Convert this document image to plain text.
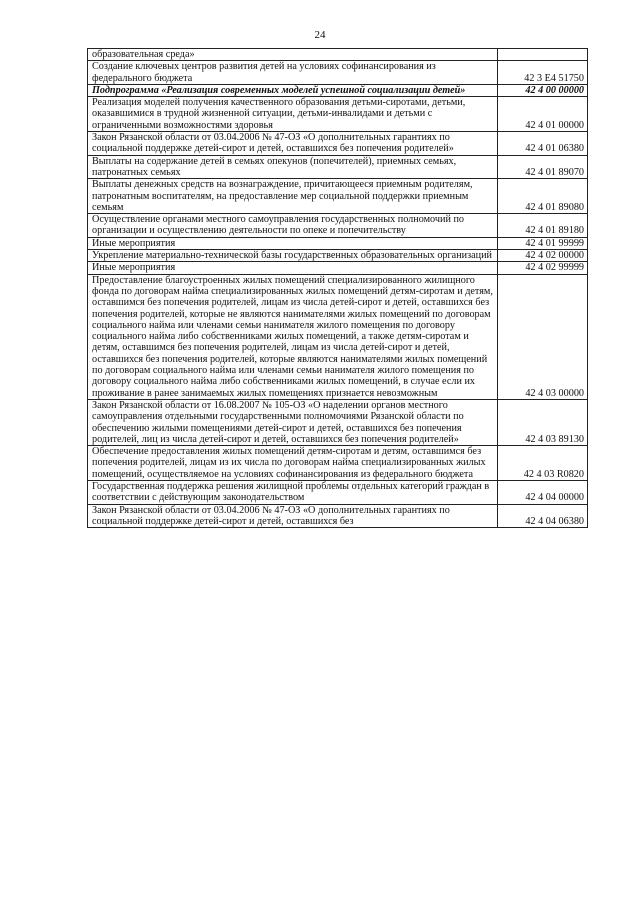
24
образовательная среда»	
Создание ключевых центров развития детей на условиях софинансирования из федерального бюджета	42 3 Е4 51750
Подпрограмма «Реализация современных моделей успешной социализации детей»	42 4 00 00000
Реализация моделей получения качественного образования детьми-сиротами, детьми, оказавшимися в трудной жизненной ситуации, детьми-инвалидами и детьми с ограниченными возможностями здоровья	42 4 01 00000
Закон Рязанской области от 03.04.2006 № 47-ОЗ «О дополнительных гарантиях по социальной поддержке детей-сирот и детей, оставшихся без попечения родителей»	42 4 01 06380
Выплаты на содержание детей в семьях опекунов (попечителей), приемных семьях, патронатных семьях	42 4 01 89070
Выплаты денежных средств на вознаграждение, причитающееся приемным родителям, патронатным воспитателям, на предоставление мер социальной поддержки приемным семьям	42 4 01 89080
Осуществление органами местного самоуправления государственных полномочий по организации и осуществлению деятельности по опеке и попечительству	42 4 01 89180
Иные мероприятия	42 4 01 99999
Укрепление материально-технической базы государственных образовательных организаций	42 4 02 00000
Иные мероприятия	42 4 02 99999
Предоставление благоустроенных жилых помещений специализированного жилищного фонда по договорам найма специализированных жилых помещений детям-сиротам и детям, оставшимся без попечения родителей, лицам из числа детей-сирот и детей, оставшихся без попечения родителей, которые не являются нанимателями жилых помещений по договорам социального найма или членами семьи нанимателя жилого помещения по договору социального найма либо собственниками жилых помещений, а также детям-сиротам и детям, оставшимся без попечения родителей, лицам из числа детей-сирот и детей, оставшихся без попечения родителей, которые являются нанимателями жилых помещений по договорам социального найма или членами семьи нанимателя жилого помещения по договору социального найма либо собственниками жилых помещений, в случае если их проживание в ранее занимаемых жилых помещениях признается невозможным	42 4 03 00000
Закон Рязанской области от 16.08.2007 № 105-ОЗ «О наделении органов местного самоуправления отдельными государственными полномочиями Рязанской области по обеспечению жилыми помещениями детей-сирот и детей, оставшихся без попечения родителей, лиц из числа детей-сирот и детей, оставшихся без попечения родителей»	42 4 03 89130
Обеспечение предоставления жилых помещений детям-сиротам и детям, оставшимся без попечения родителей, лицам из их числа по договорам найма специализированных жилых помещений, осуществляемое на условиях софинансирования из федерального бюджета	42 4 03 R0820
Государственная поддержка решения жилищной проблемы отдельных категорий граждан в соответствии с действующим законодательством	42 4 04 00000
Закон Рязанской области от 03.04.2006 № 47-ОЗ «О дополнительных гарантиях по социальной поддержке детей-сирот и детей, оставшихся без	42 4 04 06380
